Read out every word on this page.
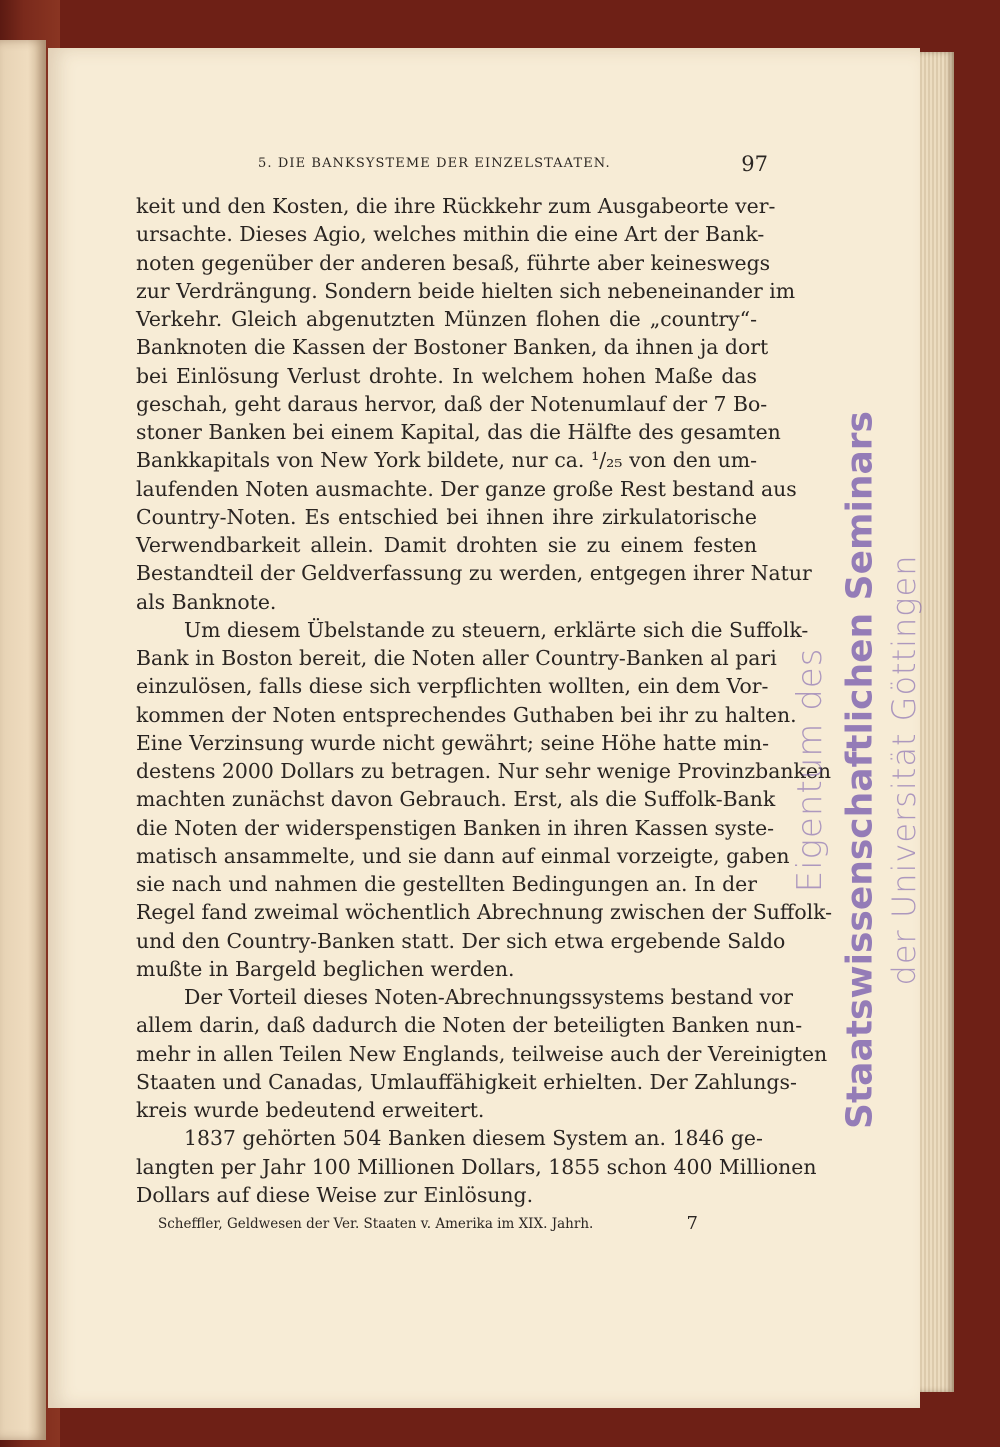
5. DIE BANKSYSTEME DER EINZELSTAATEN.	97
keit und den Kosten, die ihre Rückkehr zum Ausgabeorte ver-
ursachte. Dieses Agio, welches mithin die eine Art der Bank-
noten gegenüber der anderen besaß, führte aber keineswegs
zur Verdrängung. Sondern beide hielten sich nebeneinander im
Verkehr. Gleich abgenutzten Münzen flohen die „country“-
Banknoten die Kassen der Bostoner Banken, da ihnen ja dort
bei Einlösung Verlust drohte. In welchem hohen Maße das
geschah, geht daraus hervor, daß der Notenumlauf der 7 Bo-
stoner Banken bei einem Kapital, das die Hälfte des gesamten
Bankkapitals von New York bildete, nur ca. ¹/₂₅ von den um-
laufenden Noten ausmachte. Der ganze große Rest bestand aus
Country-Noten. Es entschied bei ihnen ihre zirkulatorische
Verwendbarkeit allein. Damit drohten sie zu einem festen
Bestandteil der Geldverfassung zu werden, entgegen ihrer Natur
als Banknote.
Um diesem Übelstande zu steuern, erklärte sich die Suffolk-
Bank in Boston bereit, die Noten aller Country-Banken al pari
einzulösen, falls diese sich verpflichten wollten, ein dem Vor-
kommen der Noten entsprechendes Guthaben bei ihr zu halten.
Eine Verzinsung wurde nicht gewährt; seine Höhe hatte min-
destens 2000 Dollars zu betragen. Nur sehr wenige Provinzbanken
machten zunächst davon Gebrauch. Erst, als die Suffolk-Bank
die Noten der widerspenstigen Banken in ihren Kassen syste-
matisch ansammelte, und sie dann auf einmal vorzeigte, gaben
sie nach und nahmen die gestellten Bedingungen an. In der
Regel fand zweimal wöchentlich Abrechnung zwischen der Suffolk-
und den Country-Banken statt. Der sich etwa ergebende Saldo
mußte in Bargeld beglichen werden.
Der Vorteil dieses Noten-Abrechnungssystems bestand vor
allem darin, daß dadurch die Noten der beteiligten Banken nun-
mehr in allen Teilen New Englands, teilweise auch der Vereinigten
Staaten und Canadas, Umlauffähigkeit erhielten. Der Zahlungs-
kreis wurde bedeutend erweitert.
1837 gehörten 504 Banken diesem System an. 1846 ge-
langten per Jahr 100 Millionen Dollars, 1855 schon 400 Millionen
Dollars auf diese Weise zur Einlösung.
Scheffler, Geldwesen der Ver. Staaten v. Amerika im XIX. Jahrh.	7
Eigentum des Staatswissenschaftlichen Seminars der Universität Göttingen
